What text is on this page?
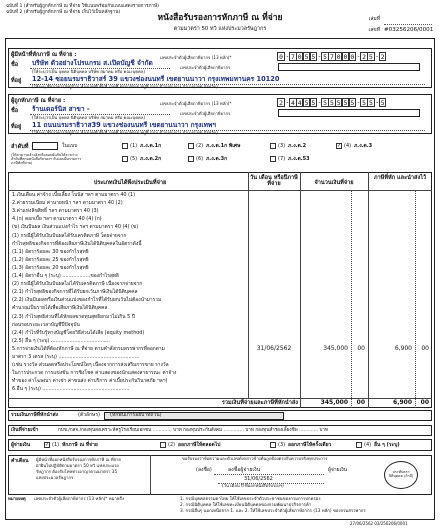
ฉบับที่ 1 (สำหรับผู้ถูกหักภาษี ณ ที่จ่าย ใช้แนบพร้อมกับแบบแสดงรายการภาษี)
ฉบับที่ 2 (สำหรับผู้ถูกหักภาษี ณ ที่จ่าย เก็บไว้เป็นหลักฐาน)
หนังสือรับรองการหักภาษี ณ ที่จ่าย
ตามมาตรา 50 ทวิ แห่งประมวลรัษฎากร
เล่มที่
เลขที่ #03256206/0001
ผู้มีหน้าที่หักภาษี ณ ที่จ่าย :	เลขประจำตัวผู้เสียภาษีอากร (13 หลัก)*	0 - 7 0 5 5 - 5 7 0 0 0 - 2 5 - 2
เลขประจำตัวผู้เสียภาษีอากร
ชื่อ บริษัท ตัวอย่างโปรแกรม ส.เปิดบัญชี จำกัด
(ให้ระบุว่าเป็น บุคคล นิติบุคคล บริษัท สมาคม หรือ คณะบุคคล)
ที่อยู่ 12-14 ซอยนรมราธิวาสร์ 39 แขวงช่องนนทรี เขตยานนาวา กรุงเทพมหานคร 10120
(ให้ระบุ ชื่ออาคาร/หมู่บ้าน ห้องเลขที่ ชั้นที่ เลขที่ ตรอก/ซอย หมู่ที่ ถนน ตำบล/แขวง อำเภอ/เขต จังหวัด)
ผู้ถูกหักภาษี ณ ที่จ่าย :	เลขประจำตัวผู้เสียภาษีอากร (13 หลัก)*	2 - 4 4 5 5 - 5 5 5 5 5 - 5 5 - 5
เลขประจำตัวผู้เสียภาษีอากร
ชื่อ ร้านเดอร์นิส สาขา -
(ให้ระบุว่าเป็น บุคคล นิติบุคคล บริษัท สมาคม หรือ คณะบุคคล)
ที่อยู่ 11 ถนนนรมราธิวาส39 แขวงช่องนนทรี เขตยานนาวา กรุงเทพฯ
(ให้ระบุ ชื่ออาคาร/หมู่บ้าน ห้องเลขที่ ชั้นที่ เลขที่ ตรอก/ซอย หมู่ที่ ถนน ตำบล/แขวง อำเภอ/เขต จังหวัด)
ลำดับที่	ในแบบ
(ให้สามารถอ้างอิงหรือสอบยันกันได้ระหว่างลำดับที่ตามหนังสือรับรองฯ กับแบบยื่นรายการภาษีหักที่จ่าย)
(1) ภ.ง.ด.1ก	(2) ภ.ง.ด.1ก พิเศษ	(3) ภ.ง.ด.2	✓ (4) ภ.ง.ด.3
(5) ภ.ง.ด.2ก	(6) ภ.ง.ด.3ก	(7) ภ.ง.ด.53
ประเภทเงินได้พึงประเมินที่จ่าย
วัน เดือน หรือปีภาษี ที่จ่าย	จำนวนเงินที่จ่าย
ภาษีที่หัก และนำส่งไว้
1.เงินเดือน ค่าจ้าง เบี้ยเลี้ยง โบนัส ฯลฯ ตามมาตรา 40 (1)
2.ค่าธรรมเนียม ค่านายหน้า ฯลฯ ตามมาตรา 40 (2)
3.ค่าแห่งลิขสิทธิ์ ฯลฯ ตามมาตรา 40 (3)
4.(ก) ดอกเบี้ย ฯลฯ ตามมาตรา 40 (4) (ก)
(ข) เงินปันผล เงินส่วนแบ่งกำไร ฯลฯ ตามมาตรา 40 (4) (ข)
(1) กรณีผู้ได้รับเงินปันผลได้รับเครดิตภาษี โดยจ่ายจาก
กำไรสุทธิของกิจการที่ต้องเสียภาษีเงินได้นิติบุคคลในอัตราดังนี้
(1.1) อัตราร้อยละ 30 ของกำไรสุทธิ
(1.2) อัตราร้อยละ 25 ของกำไรสุทธิ
(1.3) อัตราร้อยละ 20 ของกำไรสุทธิ
(1.4) อัตราอื่น ๆ (ระบุ) ..................ของกำไรสุทธิ
(2) กรณีผู้ได้รับเงินปันผลไม่ได้รับเครดิตภาษี เนื่องจากจ่ายจาก
(2.1) กำไรสุทธิของกิจการที่ได้รับยกเว้นภาษีเงินได้นิติบุคคล
(2.2) เงินปันผลหรือเงินส่วนแบ่งของกำไรที่ได้รับยกเว้นไม่ต้องนำมารวม
คำนวณเป็นรายได้เพื่อเสียภาษีเงินได้นิติบุคคล
(2.3) กำไรสุทธิส่วนที่ได้หักผลขาดทุนสุทธิยกมาไม่เกิน 5 ปี
ก่อนรอบระยะเวลาบัญชีปีปัจจุบัน
(2.4) กำไรที่รับรู้ทางบัญชีโดยวิธีส่วนได้เสีย (equity method)
(2.5) อื่น ๆ (ระบุ) ......................................
5.การจ่ายเงินได้ที่ต้องหักภาษี ณ ที่จ่าย ตามคำสั่งกรมสรรพากรที่ออกตาม
มาตรา 3 เตรส (ระบุ) ....................................................
(เช่น รางวัล ส่วนลดหรือประโยชน์ใดๆ เนื่องจากการส่งเสริมการขาย รางวัล
ในการประกวด การแข่งขัน การชิงโชค ค่าแสดงของนักแสดงสาธารณะ ค่าจ้าง
ทำของ ค่าโฆษณา ค่าเช่า ค่าขนส่ง ค่าบริการ ค่าเบี้ยประกันวินาศภัย ฯลฯ)
6.อื่น ๆ (ระบุ) ........................................................
31/06/2562	345,000	00	6,900	00
รวมเงินที่จ่ายและภาษีที่หักนำส่ง	345,000	00	6,900	00
รวมเงินภาษีที่หักนำส่ง	(ตัวอักษร) (หกพันเก้าร้อยบาทถ้วน)
เงินที่จ่ายเข้า	กบข./กสจ./กองทุนสงเคราะห์ครูโรงเรียนเอกชน ............. บาท กองทุนประกันสังคม .............. บาท กองทุนสำรองเลี้ยงชีพ ............. บาท
ผู้จ่ายเงิน	✓ (1) หักภาษี ณ ที่จ่าย	(2) ออกภาษีให้ตลอดไป	(3) ออกภาษีให้ครั้งเดียว	(4) อื่น ๆ (ระบุ)
คำเตือน ผู้มีหน้าที่ออกหนังสือรับรองการหักภาษี ณ ที่จ่าย
ฝ่าฝืนไม่ปฏิบัติตามมาตรา 50 ทวิ แห่งประมวล
รัษฎากร ต้องรับโทษทางอาญาตามมาตรา 35
แห่งประมวลรัษฎากร
ขอรับรองว่าข้อความและตัวเลขดังกล่าวข้างต้นถูกต้องตรงกับความจริงทุกประการ
(ลงชื่อ)	ลงชื่อผู้จ่ายเงิน	ผู้จ่ายเงิน
31/06/2562
(วัน เดือน ปี ที่ออกหนังสือรับรองฯ)
ประทับตรา นิติบุคคล (ถ้ามี)
หมายเหตุ เลขประจำตัวผู้เสียภาษีอากร (13 หลัก)* หมายถึง	1. กรณีบุคคลธรรมดาไทย ให้ใช้เลขประจำตัวประชาชนของกรมการปกครอง
2. กรณีนิติบุคคล ให้ใช้เลขทะเบียนนิติบุคคลของกรมพัฒนาธุรกิจการค้า
3. กรณีอื่นๆ นอกเหนือจาก 1. และ 2. ให้ใช้เลขประจำตัวผู้เสียภาษีอากร (13 หลัก) ของกรมสรรพากร
27/06/2562 03/256206/0001
